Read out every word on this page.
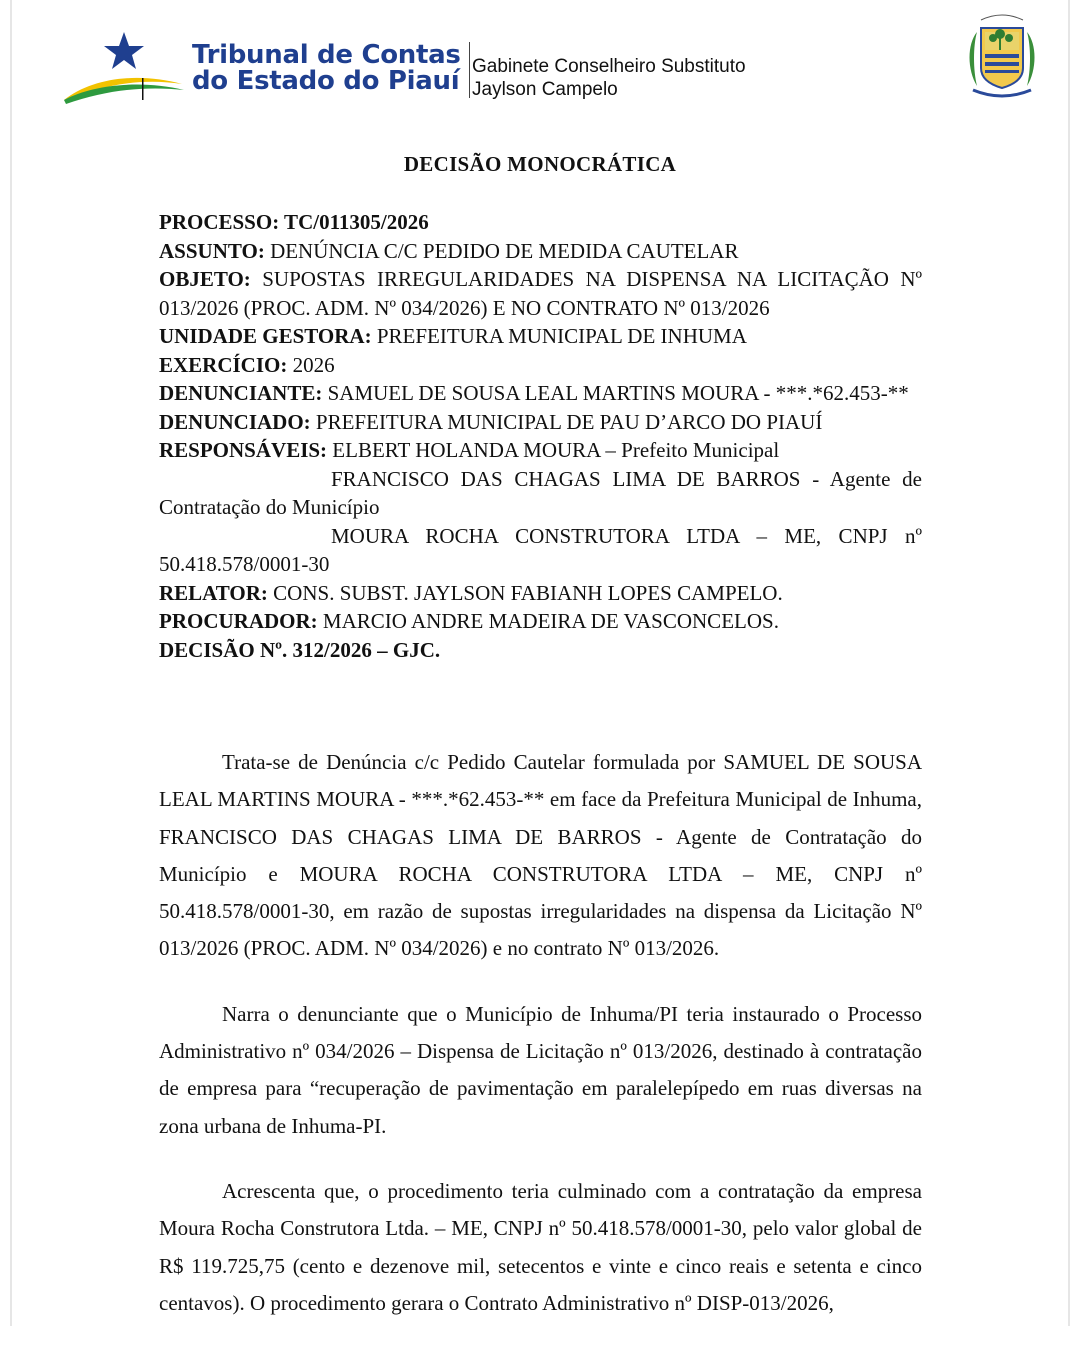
Tribunal de Contas
do Estado do Piauí Gabinete Conselheiro Substituto
Jaylson Campelo
DECISÃO MONOCRÁTICA
PROCESSO: TC/011305/2026
ASSUNTO: DENÚNCIA C/C PEDIDO DE MEDIDA CAUTELAR
OBJETO: SUPOSTAS IRREGULARIDADES NA DISPENSA NA LICITAÇÃO Nº 013/2026 (PROC. ADM. Nº 034/2026) E NO CONTRATO Nº 013/2026
UNIDADE GESTORA: PREFEITURA MUNICIPAL DE INHUMA
EXERCÍCIO: 2026
DENUNCIANTE: SAMUEL DE SOUSA LEAL MARTINS MOURA - ***.*62.453-**
DENUNCIADO: PREFEITURA MUNICIPAL DE PAU D’ARCO DO PIAUÍ
RESPONSÁVEIS: ELBERT HOLANDA MOURA – Prefeito Municipal
FRANCISCO DAS CHAGAS LIMA DE BARROS - Agente de Contratação do Município
MOURA ROCHA CONSTRUTORA LTDA – ME, CNPJ nº 50.418.578/0001-30
RELATOR: CONS. SUBST. JAYLSON FABIANH LOPES CAMPELO.
PROCURADOR: MARCIO ANDRE MADEIRA DE VASCONCELOS.
DECISÃO Nº. 312/2026 – GJC.

Trata-se de Denúncia c/c Pedido Cautelar formulada por SAMUEL DE SOUSA LEAL MARTINS MOURA - ***.*62.453-** em face da Prefeitura Municipal de Inhuma, FRANCISCO DAS CHAGAS LIMA DE BARROS - Agente de Contratação do Município e MOURA ROCHA CONSTRUTORA LTDA – ME, CNPJ nº 50.418.578/0001-30, em razão de supostas irregularidades na dispensa da Licitação Nº 013/2026 (PROC. ADM. Nº 034/2026) e no contrato Nº 013/2026.

Narra o denunciante que o Município de Inhuma/PI teria instaurado o Processo Administrativo nº 034/2026 – Dispensa de Licitação nº 013/2026, destinado à contratação de empresa para “recuperação de pavimentação em paralelepípedo em ruas diversas na zona urbana de Inhuma-PI.

Acrescenta que, o procedimento teria culminado com a contratação da empresa Moura Rocha Construtora Ltda. – ME, CNPJ nº 50.418.578/0001-30, pelo valor global de R$ 119.725,75 (cento e dezenove mil, setecentos e vinte e cinco reais e setenta e cinco centavos). O procedimento gerara o Contrato Administrativo nº DISP-013/2026,
